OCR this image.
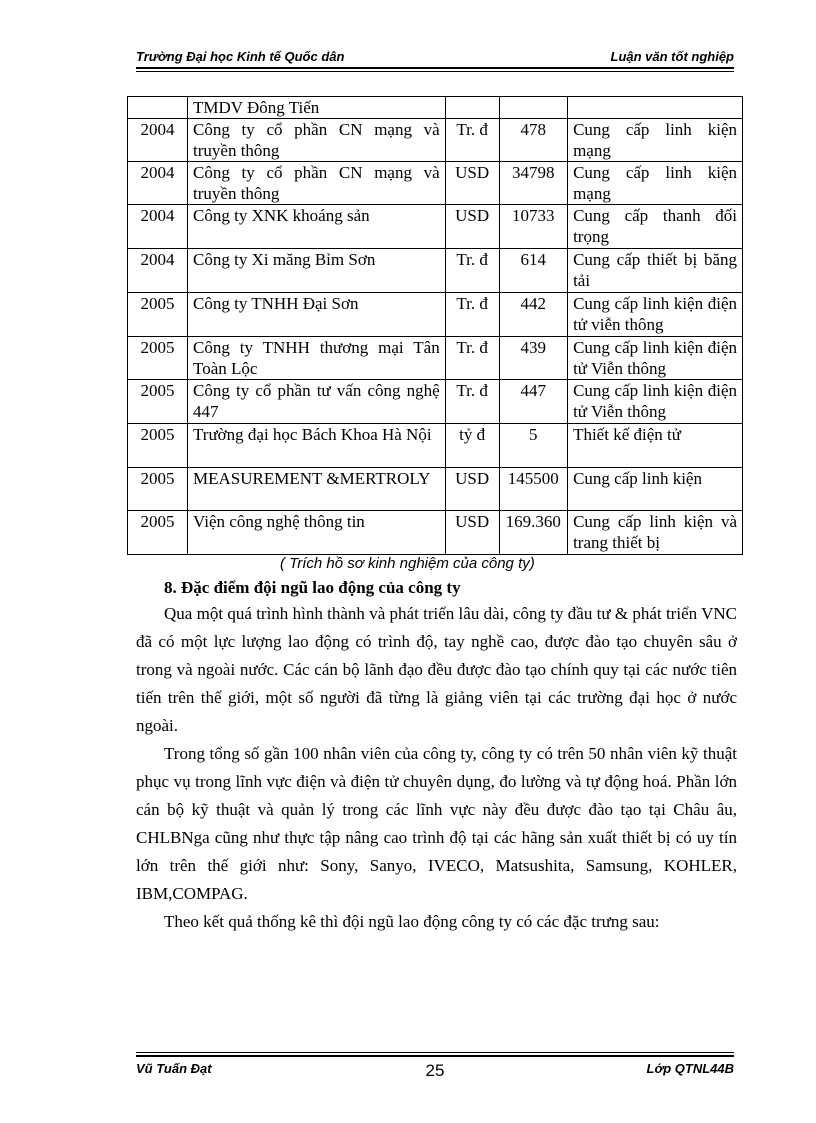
Trường Đại học Kinh tế Quốc dân	Luận văn tốt nghiệp
	TMDV Đông Tiến			
2004	Công ty cổ phần CN mạng và truyền thông	Tr. đ	478	Cung cấp linh kiện mạng
2004	Công ty cổ phần CN mạng và truyền thông	USD	34798	Cung cấp linh kiện mạng
2004	Công ty XNK khoáng sản	USD	10733	Cung cấp thanh đối trọng
2004	Công ty Xi măng Bỉm Sơn	Tr. đ	614	Cung cấp thiết bị băng tải
2005	Công ty TNHH Đại Sơn	Tr. đ	442	Cung cấp linh kiện điện tử viễn thông
2005	Công ty TNHH thương mại Tân Toàn Lộc	Tr. đ	439	Cung cấp linh kiện điện tử Viễn thông
2005	Công ty cổ phần tư vấn công nghệ 447	Tr. đ	447	Cung cấp linh kiện điện tử Viễn thông
2005	Trường đại học Bách Khoa Hà Nội	tỷ đ	5	Thiết kế điện tử
2005	MEASUREMENT &MERTROLY	USD	145500	Cung cấp linh kiện
2005	Viện công nghệ thông tin	USD	169.360	Cung cấp linh kiện và trang thiết bị
( Trích hồ sơ kinh nghiệm của công ty)
8. Đặc điểm đội ngũ lao động của công ty

Qua một quá trình hình thành và phát triển lâu dài, công ty đầu tư & phát triển VNC đã có một lực lượng lao động có trình độ, tay nghề cao, được đào tạo chuyên sâu ở trong và ngoài nước. Các cán bộ lãnh đạo đều được đào tạo chính quy tại các nước tiên tiến trên thế giới, một số người đã từng là giảng viên tại các trường đại học ở nước ngoài.

Trong tổng số gần 100 nhân viên của công ty, công ty có trên 50 nhân viên kỹ thuật phục vụ trong lĩnh vực điện và điện tử chuyên dụng, đo lường và tự động hoá. Phần lớn cán bộ kỹ thuật và quản lý trong các lĩnh vực này đều được đào tạo tại Châu âu, CHLBNga cũng như thực tập nâng cao trình độ tại các hãng sản xuất thiết bị có uy tín lớn trên thế giới như: Sony, Sanyo, IVECO, Matsushita, Samsung, KOHLER, IBM,COMPAG.

Theo kết quả thống kê thì đội ngũ lao động công ty có các đặc trưng sau:

Vũ Tuấn Đạt	25	Lớp QTNL44B
